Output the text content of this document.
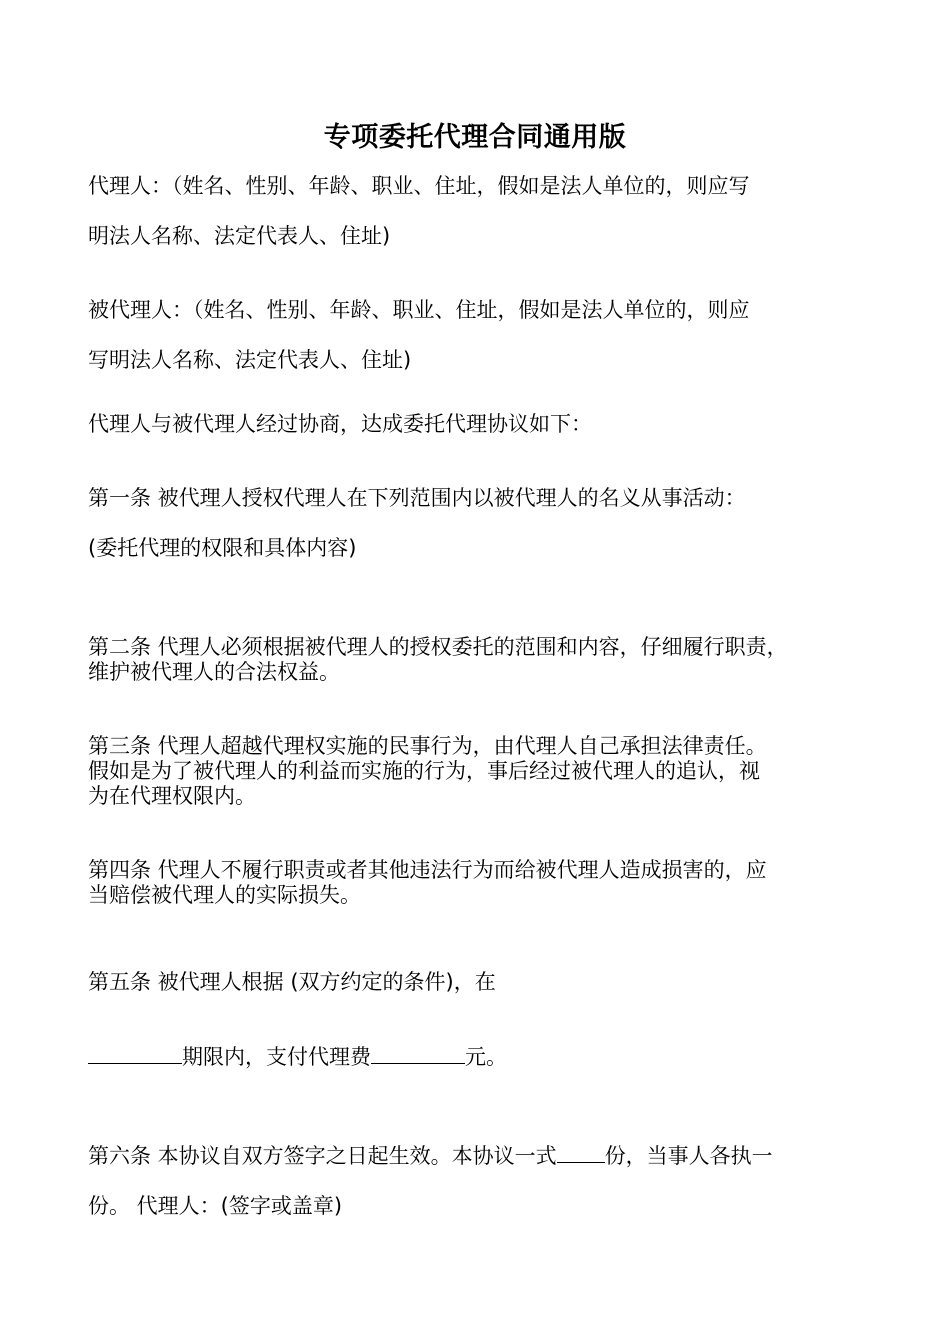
专项委托代理合同通用版
代理人：（姓名、性别、年龄、职业、住址，假如是法人单位的，则应写
明法人名称、法定代表人、住址)
被代理人：（姓名、性别、年龄、职业、住址，假如是法人单位的，则应
写明法人名称、法定代表人、住址)
代理人与被代理人经过协商，达成委托代理协议如下：
第一条 被代理人授权代理人在下列范围内以被代理人的名义从事活动：
(委托代理的权限和具体内容)
第二条 代理人必须根据被代理人的授权委托的范围和内容，仔细履行职责，
维护被代理人的合法权益。
第三条 代理人超越代理权实施的民事行为，由代理人自己承担法律责任。
假如是为了被代理人的利益而实施的行为，事后经过被代理人的追认，视
为在代理权限内。
第四条 代理人不履行职责或者其他违法行为而给被代理人造成损害的，应
当赔偿被代理人的实际损失。
第五条 被代理人根据 (双方约定的条件)，在
期限内，支付代理费	元。
第六条 本协议自双方签字之日起生效。本协议一式 份，当事人各执一
份。 代理人：(签字或盖章)
